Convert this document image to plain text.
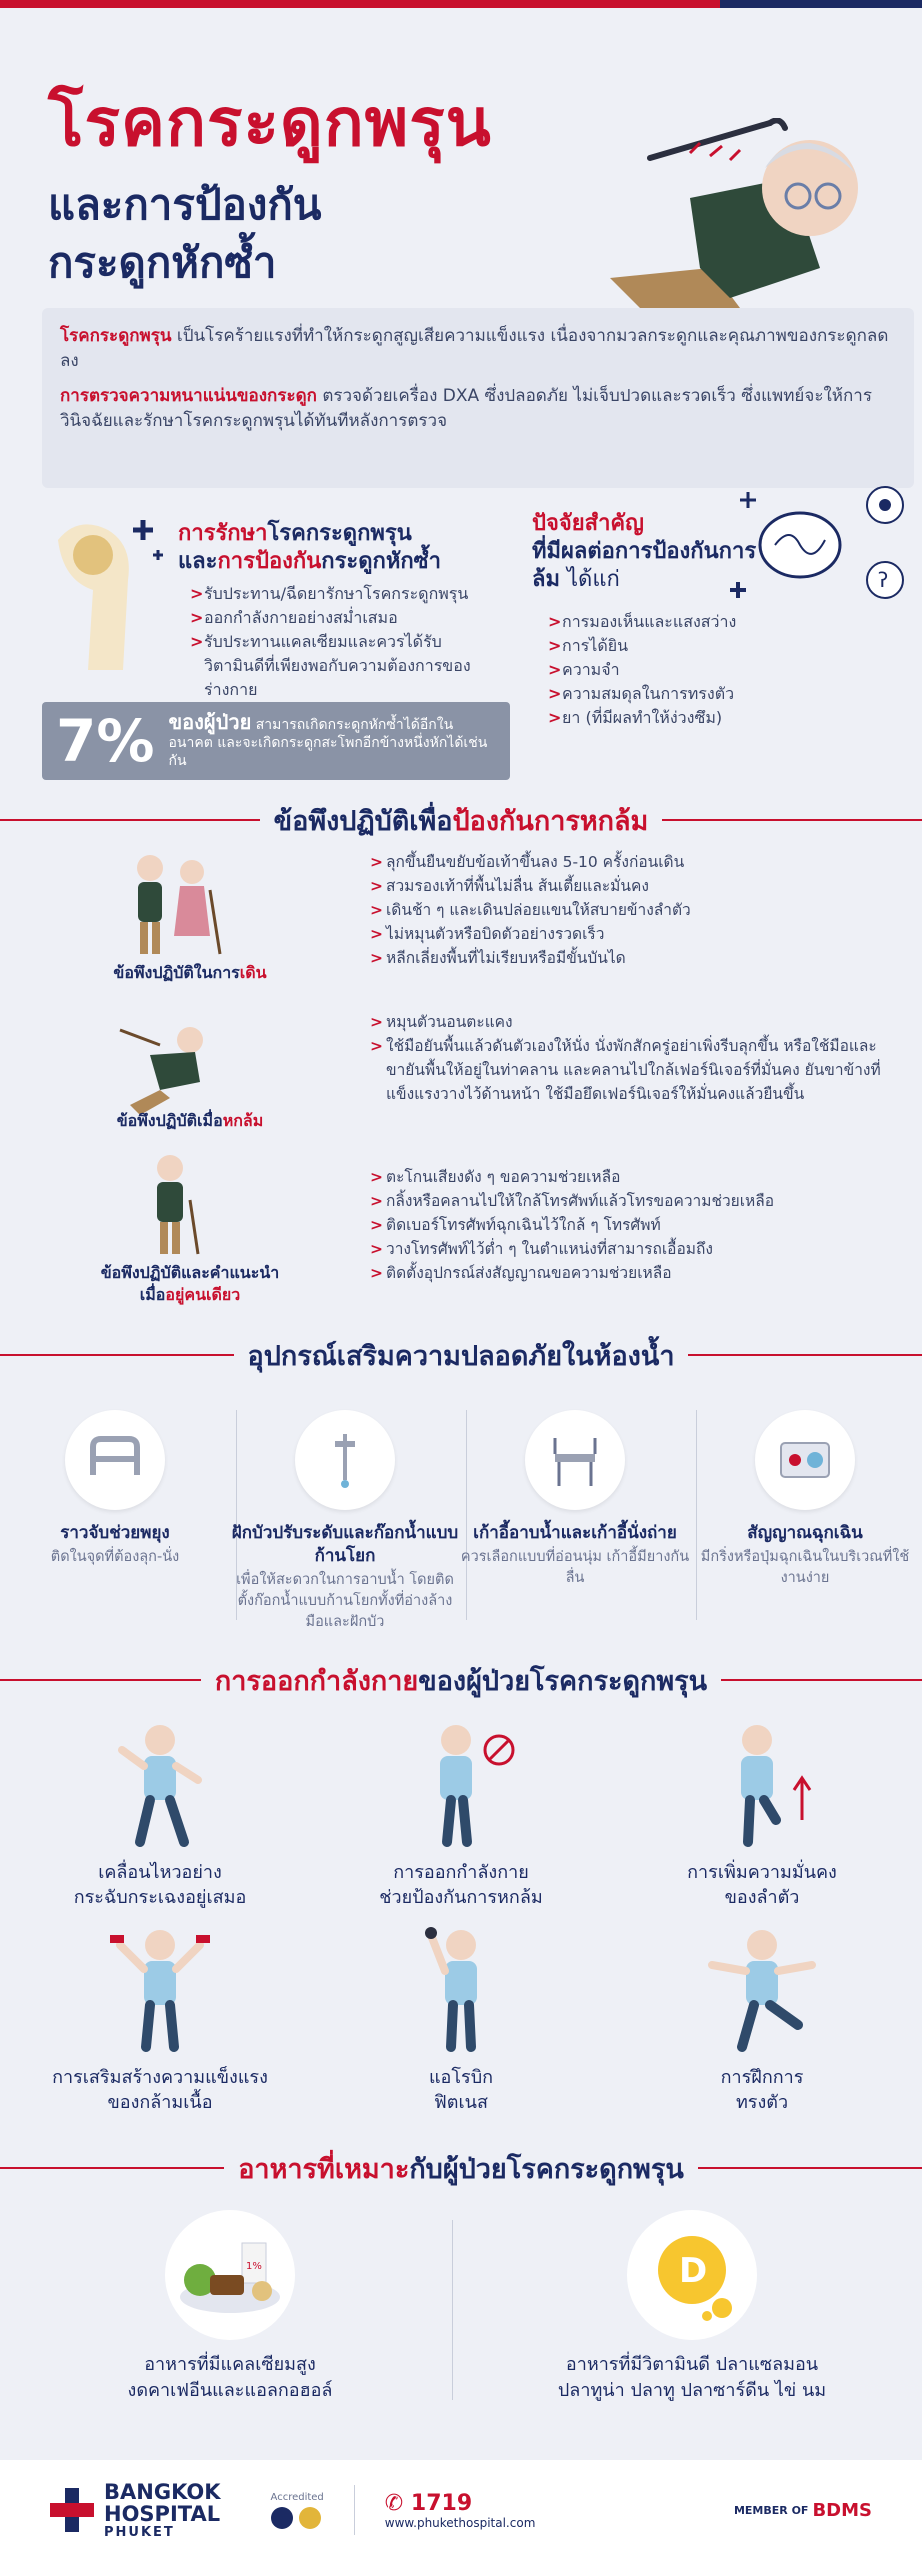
โรคกระดูกพรุน
และการป้องกัน
กระดูกหักซ้ำ

โรคกระดูกพรุน เป็นโรคร้ายแรงที่ทำให้กระดูกสูญเสียความแข็งแรง เนื่องจากมวลกระดูกและคุณภาพของกระดูกลดลง

การตรวจความหนาแน่นของกระดูก ตรวจด้วยเครื่อง DXA ซึ่งปลอดภัย ไม่เจ็บปวดและรวดเร็ว ซึ่งแพทย์จะให้การวินิจฉัยและรักษาโรคกระดูกพรุนได้ทันทีหลังการตรวจ

การรักษาโรคกระดูกพรุน
และการป้องกันกระดูกหักซ้ำ
> รับประทาน/ฉีดยารักษาโรคกระดูกพรุน
> ออกกำลังกายอย่างสม่ำเสมอ
> รับประทานแคลเซียมและควรได้รับวิตามินดีที่เพียงพอกับความต้องการของร่างกาย
7% ของผู้ป่วย สามารถเกิดกระดูกหักซ้ำได้อีกในอนาคต และจะเกิดกระดูกสะโพกอีกข้างหนึ่งหักได้เช่นกัน
ʔ
ปัจจัยสำคัญ
ที่มีผลต่อการป้องกันการล้ม ได้แก่
> การมองเห็นและแสงสว่าง
> การได้ยิน
> ความจำ
> ความสมดุลในการทรงตัว
> ยา (ที่มีผลทำให้ง่วงซึม)
ข้อพึงปฏิบัติเพื่อป้องกันการหกล้ม
ข้อพึงปฏิบัติในการเดิน
> ลุกขึ้นยืนขยับข้อเท้าขึ้นลง 5-10 ครั้งก่อนเดิน
> สวมรองเท้าที่พื้นไม่ลื่น ส้นเตี้ยและมั่นคง
> เดินช้า ๆ และเดินปล่อยแขนให้สบายข้างลำตัว
> ไม่หมุนตัวหรือบิดตัวอย่างรวดเร็ว
> หลีกเลี่ยงพื้นที่ไม่เรียบหรือมีขั้นบันได
ข้อพึงปฏิบัติเมื่อหกล้ม
> หมุนตัวนอนตะแคง
> ใช้มือยันพื้นแล้วดันตัวเองให้นั่ง นั่งพักสักครู่อย่าเพิ่งรีบลุกขึ้น หรือใช้มือและขายันพื้นให้อยู่ในท่าคลาน และคลานไปใกล้เฟอร์นิเจอร์ที่มั่นคง ยันขาข้างที่แข็งแรงวางไว้ด้านหน้า ใช้มือยึดเฟอร์นิเจอร์ให้มั่นคงแล้วยืนขึ้น
ข้อพึงปฏิบัติและคำแนะนำ
เมื่ออยู่คนเดียว
> ตะโกนเสียงดัง ๆ ขอความช่วยเหลือ
> กลิ้งหรือคลานไปให้ใกล้โทรศัพท์แล้วโทรขอความช่วยเหลือ
> ติดเบอร์โทรศัพท์ฉุกเฉินไว้ใกล้ ๆ โทรศัพท์
> วางโทรศัพท์ไว้ต่ำ ๆ ในตำแหน่งที่สามารถเอื้อมถึง
> ติดตั้งอุปกรณ์ส่งสัญญาณขอความช่วยเหลือ
อุปกรณ์เสริมความปลอดภัยในห้องน้ำ
ราวจับช่วยพยุง
ติดในจุดที่ต้องลุก-นั่ง
ฝักบัวปรับระดับและก๊อกน้ำแบบก้านโยก
เพื่อให้สะดวกในการอาบน้ำ โดยติดตั้งก๊อกน้ำแบบก้านโยกทั้งที่อ่างล้างมือและฝักบัว
เก้าอี้อาบน้ำและเก้าอี้นั่งถ่าย
ควรเลือกแบบที่อ่อนนุ่ม เก้าอี้มียางกันลื่น
สัญญาณฉุกเฉิน
มีกริ่งหรือปุ่มฉุกเฉินในบริเวณที่ใช้งานง่าย
การออกกำลังกายของผู้ป่วยโรคกระดูกพรุน
เคลื่อนไหวอย่าง
กระฉับกระเฉงอยู่เสมอ
การออกกำลังกาย
ช่วยป้องกันการหกล้ม
การเพิ่มความมั่นคง
ของลำตัว
การเสริมสร้างความแข็งแรง
ของกล้ามเนื้อ
แอโรบิก
ฟิตเนส
การฝึกการ
ทรงตัว
อาหารที่เหมาะกับผู้ป่วยโรคกระดูกพรุน
1%
อาหารที่มีแคลเซียมสูง
งดคาเฟอีนและแอลกอฮอล์
D
อาหารที่มีวิตามินดี ปลาแซลมอน
ปลาทูน่า ปลาทู ปลาซาร์ดีน ไข่ นม
BANGKOK
HOSPITAL
PHUKET
Accredited	✆ 1719
www.phukethospital.com
MEMBER OF BDMS
